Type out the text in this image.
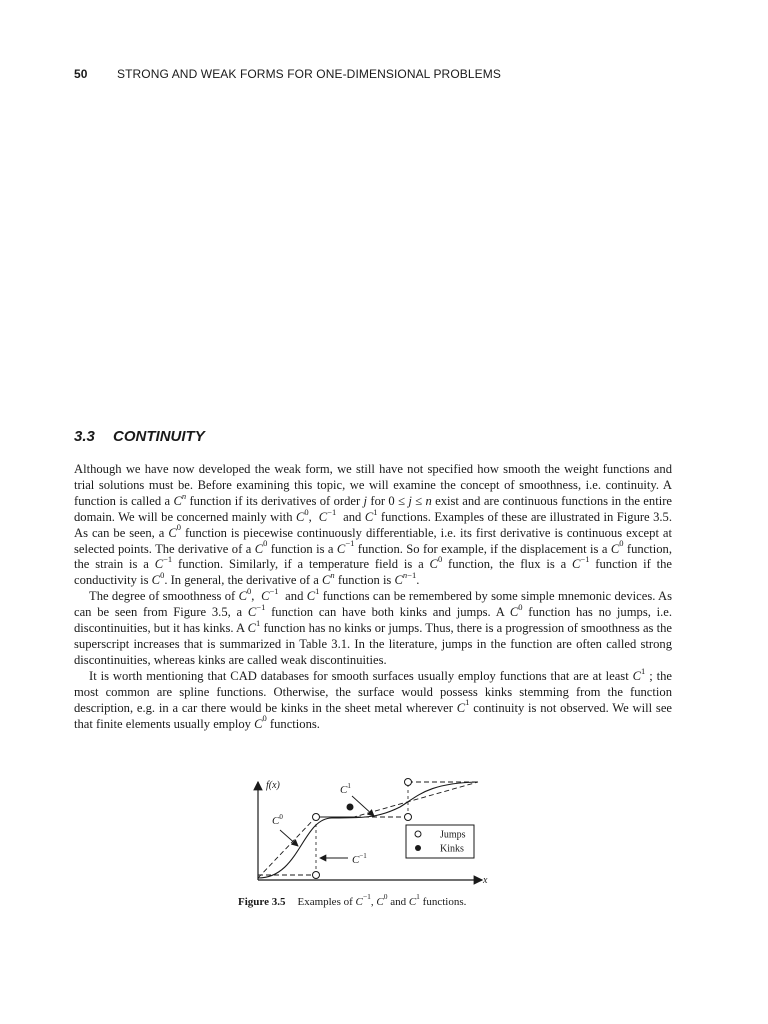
50 STRONG AND WEAK FORMS FOR ONE-DIMENSIONAL PROBLEMS
3.3 CONTINUITY

Although we have now developed the weak form, we still have not specified how smooth the weight functions and trial solutions must be. Before examining this topic, we will examine the concept of smoothness, i.e. continuity. A function is called a $C^n$ function if its derivatives of order j for 0 ≤ j ≤ n exist and are continuous functions in the entire domain. We will be concerned mainly with $C^0$,  $C^{-1}$  and $C^1$ functions. Examples of these are illustrated in Figure 3.5. As can be seen, a $C^0$ function is piecewise continuously differentiable, i.e. its first derivative is continuous except at selected points. The derivative of a $C^0$ function is a $C^{-1}$ function. So for example, if the displacement is a $C^0$ function, the strain is a $C^{-1}$ function. Similarly, if a temperature field is a $C^0$ function, the flux is a $C^{-1}$ function if the conductivity is $C^0$. In general, the derivative of a $C^n$ function is $C^{n-1}$.

The degree of smoothness of $C^0$,  $C^{-1}$  and $C^1$ functions can be remembered by some simple mnemonic devices. As can be seen from Figure 3.5, a $C^{-1}$ function can have both kinks and jumps. A $C^0$ function has no jumps, i.e. discontinuities, but it has kinks. A $C^1$ function has no kinks or jumps. Thus, there is a progression of smoothness as the superscript increases that is summarized in Table 3.1. In the literature, jumps in the function are often called strong discontinuities, whereas kinks are called weak discontinuities.

It is worth mentioning that CAD databases for smooth surfaces usually employ functions that are at least $C^1$ ; the most common are spline functions. Otherwise, the surface would possess kinks stemming from the function description, e.g. in a car there would be kinks in the sheet metal wherever $C^1$ continuity is not observed. We will see that finite elements usually employ $C^0$ functions.

f(x)
x
$C^1$
$C^0$
$C^{-1}$
Jumps
Kinks
Figure 3.5 Examples of $C^{-1}$, $C^0$ and $C^1$ functions.
